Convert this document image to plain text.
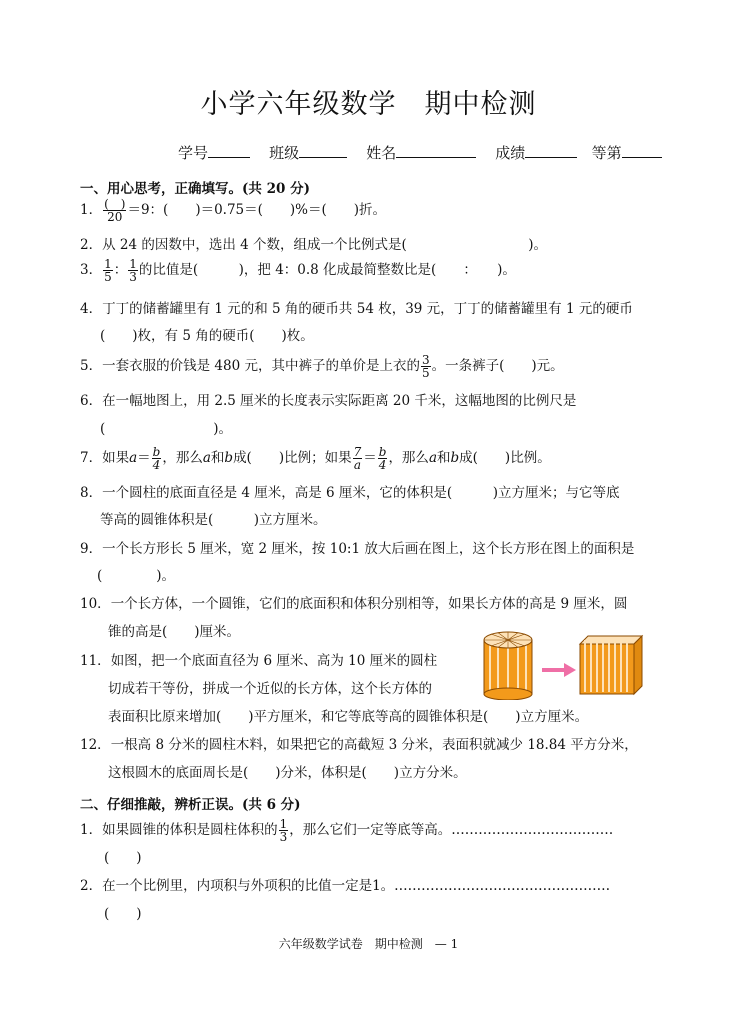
小学六年级数学　期中检测
学号	班级	姓名	成绩	等第
一、用心思考，正确填写。(共 20 分)
1． $\frac{( )}{20} =9$：(　　)＝0.75＝(　　)%＝(　　)折。
2．从 24 的因数中，选出 4 个数，组成一个比例式是(　　　　　　　　　)。
3． $\frac{1}{5}$ ： $\frac{1}{3}$ 的比值是(　　　)，把 4：0.8 化成最简整数比是(　　：　　)。
4．丁丁的储蓄罐里有 1 元的和 5 角的硬币共 54 枚，39 元，丁丁的储蓄罐里有 1 元的硬币
(　　)枚，有 5 角的硬币(　　)枚。
5．一套衣服的价钱是 480 元，其中裤子的单价是上衣的 $\frac{3}{5}$ 。一条裤子(　　)元。
6．在一幅地图上，用 2.5 厘米的长度表示实际距离 20 千米，这幅地图的比例尺是
(　　　　　　　　)。
7．如果$a= \frac{b}{4}$ ，那么a和b成(　　)比例；如果 $\frac{7}{a} = \frac{b}{4}$ ，那么a和b成(　　)比例。
8．一个圆柱的底面直径是 4 厘米，高是 6 厘米，它的体积是(　　　)立方厘米；与它等底
等高的圆锥体积是(　　　)立方厘米。
9．一个长方形长 5 厘米，宽 2 厘米，按 10:1 放大后画在图上，这个长方形在图上的面积是
(　　　　)。
10．一个长方体，一个圆锥，它们的底面积和体积分别相等，如果长方体的高是 9 厘米，圆
锥的高是(　　)厘米。
11．如图，把一个底面直径为 6 厘米、高为 10 厘米的圆柱
切成若干等份，拼成一个近似的长方体，这个长方体的
表面积比原来增加(　　)平方厘米，和它等底等高的圆锥体积是(　　)立方厘米。
12．一根高 8 分米的圆柱木料，如果把它的高截短 3 分米，表面积就减少 18.84 平方分米，
这根圆木的底面周长是(　　)分米，体积是(　　)立方分米。
二、仔细推敲，辨析正误。(共 6 分)
1．如果圆锥的体积是圆柱体积的 $\frac{1}{3}$ ，那么它们一定等底等高。………………………………
(　　)
2．在一个比例里，内项积与外项积的比值一定是1。…………………………………………
(　　)
六年级数学试卷　期中检测　— 1
